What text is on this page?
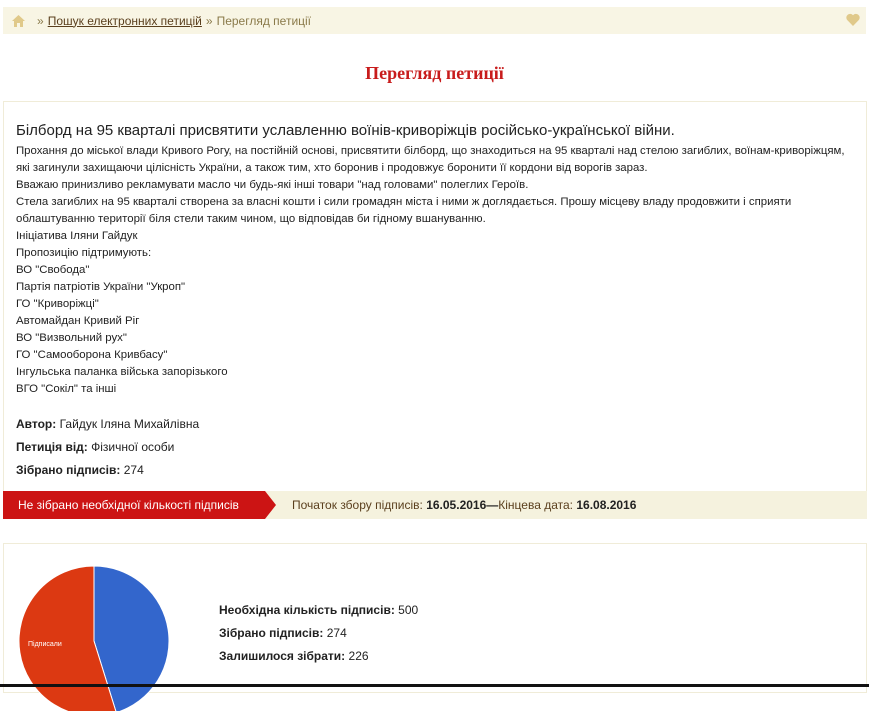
» Пошук електронних петицій » Перегляд петиції
Перегляд петиції
Білборд на 95 кварталі присвятити уславленню воїнів-криворіжців російсько-української війни.

Прохання до міської влади Кривого Рогу, на постійній основі, присвятити білборд, що знаходиться на 95 кварталі над стелою загиблих, воїнам-криворіжцям, які загинули захищаючи цілісність України, а також тим, хто боронив і продовжує боронити її кордони від ворогів зараз.

Вважаю принизливо рекламувати масло чи будь-які інші товари "над головами" полеглих Героїв.

Стела загиблих на 95 кварталі створена за власні кошти і сили громадян міста і ними ж доглядається. Прошу місцеву владу продовжити і сприяти облаштуванню території біля стели таким чином, що відповідав би гідному вшануванню.

Ініціатива Іляни Гайдук

Пропозицію підтримують:

ВО "Свобода"

Партія патріотів України "Укроп"

ГО "Криворіжці"

Автомайдан Кривий Ріг

ВО "Визвольний рух"

ГО "Самооборона Кривбасу"

Інгульська паланка війська запорізького

ВГО "Сокіл" та інші

Автор: Гайдук Іляна Михайлівна
Петиція від: Фізичної особи
Зібрано підписів: 274
Не зібрано необхідної кількості підписів	Початок збору підписів: 16.05.2016—Кінцева дата: 16.08.2016
Підписали
Необхідна кількість підписів: 500
Зібрано підписів: 274
Залишилося зібрати: 226
